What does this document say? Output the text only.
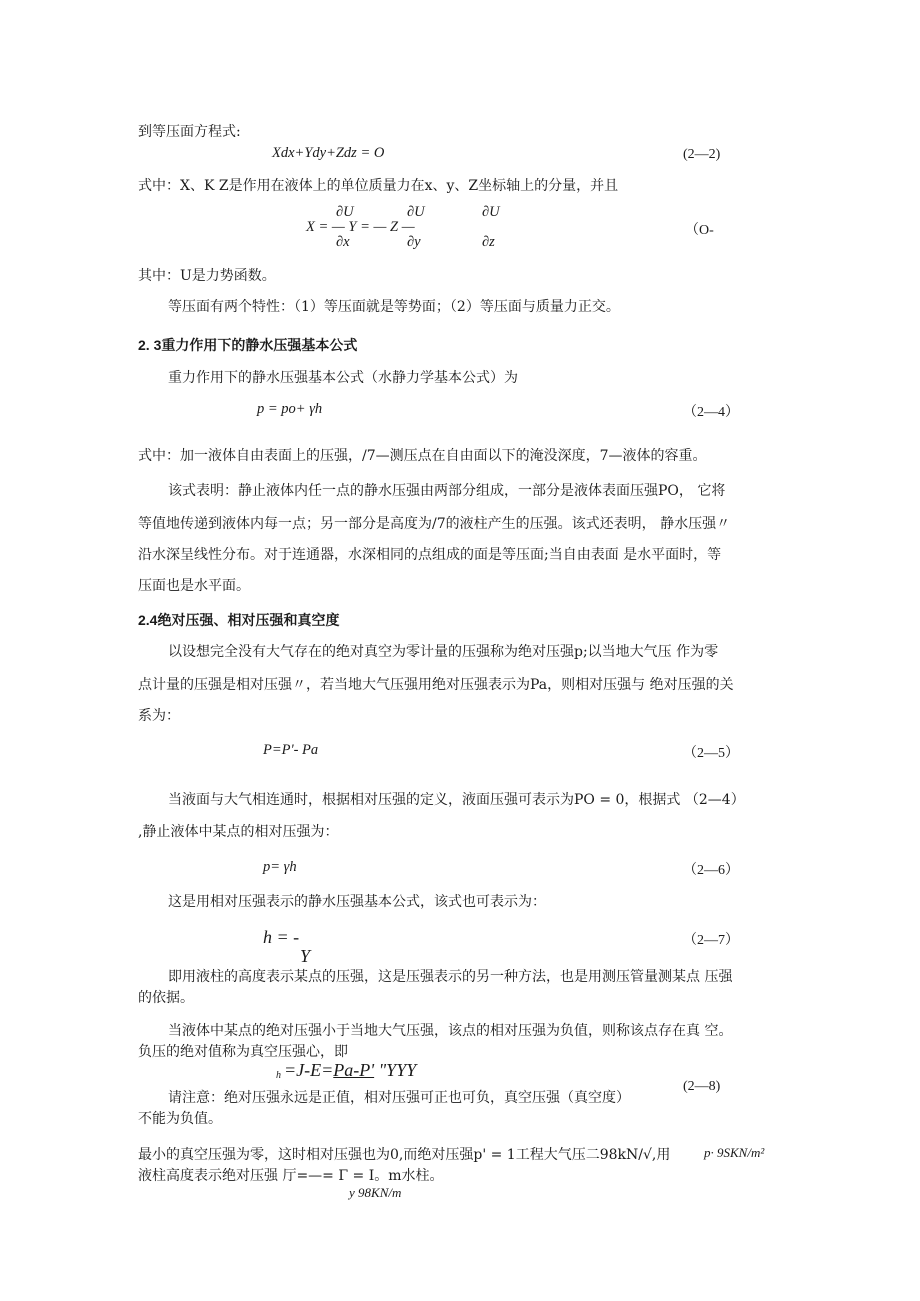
到等压面方程式:
Xdx+Ydy+Zdz = O	(2—2)
式中：X、K Z是作用在液体上的单位质量力在x、y、Z坐标轴上的分量，并且
∂U	∂U	∂U
X = — Y = — Z —	（O-
∂x	∂y	∂z
其中：U是力势函数。
等压面有两个特性：（1）等压面就是等势面；（2）等压面与质量力正交。
2. 3重力作用下的静水压强基本公式
重力作用下的静水压强基本公式（水静力学基本公式）为
p = po+ γh	（2—4）
式中：加一液体自由表面上的压强，/7—测压点在自由面以下的淹没深度，7—液体的容重。
该式表明：静止液体内任一点的静水压强由两部分组成，一部分是液体表面压强PO， 它将
等值地传递到液体内每一点；另一部分是高度为/7的液柱产生的压强。该式还表明， 静水压强〃
沿水深呈线性分布。对于连通器，水深相同的点组成的面是等压面;当自由表面 是水平面时，等
压面也是水平面。
2.4绝对压强、相对压强和真空度
以设想完全没有大气存在的绝对真空为零计量的压强称为绝对压强p;以当地大气压 作为零
点计量的压强是相对压强〃，若当地大气压强用绝对压强表示为Pa，则相对压强与 绝对压强的关
系为：
P=P'- Pa	（2—5）
当液面与大气相连通时，根据相对压强的定义，液面压强可表示为PO = 0，根据式 （2—4）
,静止液体中某点的相对压强为：
p= γh	（2—6）
这是用相对压强表示的静水压强基本公式，该式也可表示为：
h = -
Y
（2—7）
即用液柱的高度表示某点的压强，这是压强表示的另一种方法，也是用测压管量测某点 压强
的依据。
当液体中某点的绝对压强小于当地大气压强，该点的相对压强为负值，则称该点存在真 空。
负压的绝对值称为真空压强心，即
h =J-E=Pa-P' "YYY
请注意：绝对压强永远是正值，相对压强可正也可负，真空压强（真空度）
(2—8)
不能为负值。
最小的真空压强为零，这时相对压强也为0,而绝对压强p' = 1工程大气压二98kN/√,用	p· 9SKN/m²
液柱高度表示绝对压强 厅=—= Γ = I。m水柱。
y 98KN/m
